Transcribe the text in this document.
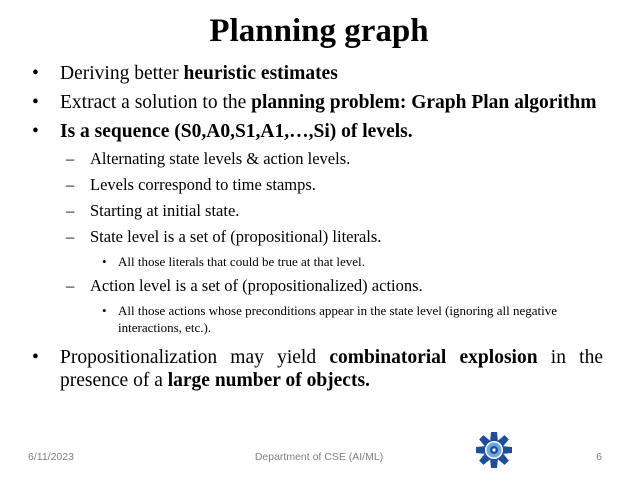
Planning graph
• Deriving better heuristic estimates
• Extract a solution to the planning problem: Graph Plan algorithm
• Is a sequence (S0,A0,S1,A1,…,Si) of levels.
– Alternating state levels & action levels.
– Levels correspond to time stamps.
– Starting at initial state.
– State level is a set of (propositional) literals.
• All those literals that could be true at that level.
– Action level is a set of (propositionalized) actions.
• All those actions whose preconditions appear in the state level (ignoring all negative interactions, etc.).
• Propositionalization may yield combinatorial explosion in the presence of a large number of objects.
6/11/2023	Department of CSE (AI/ML)	6
